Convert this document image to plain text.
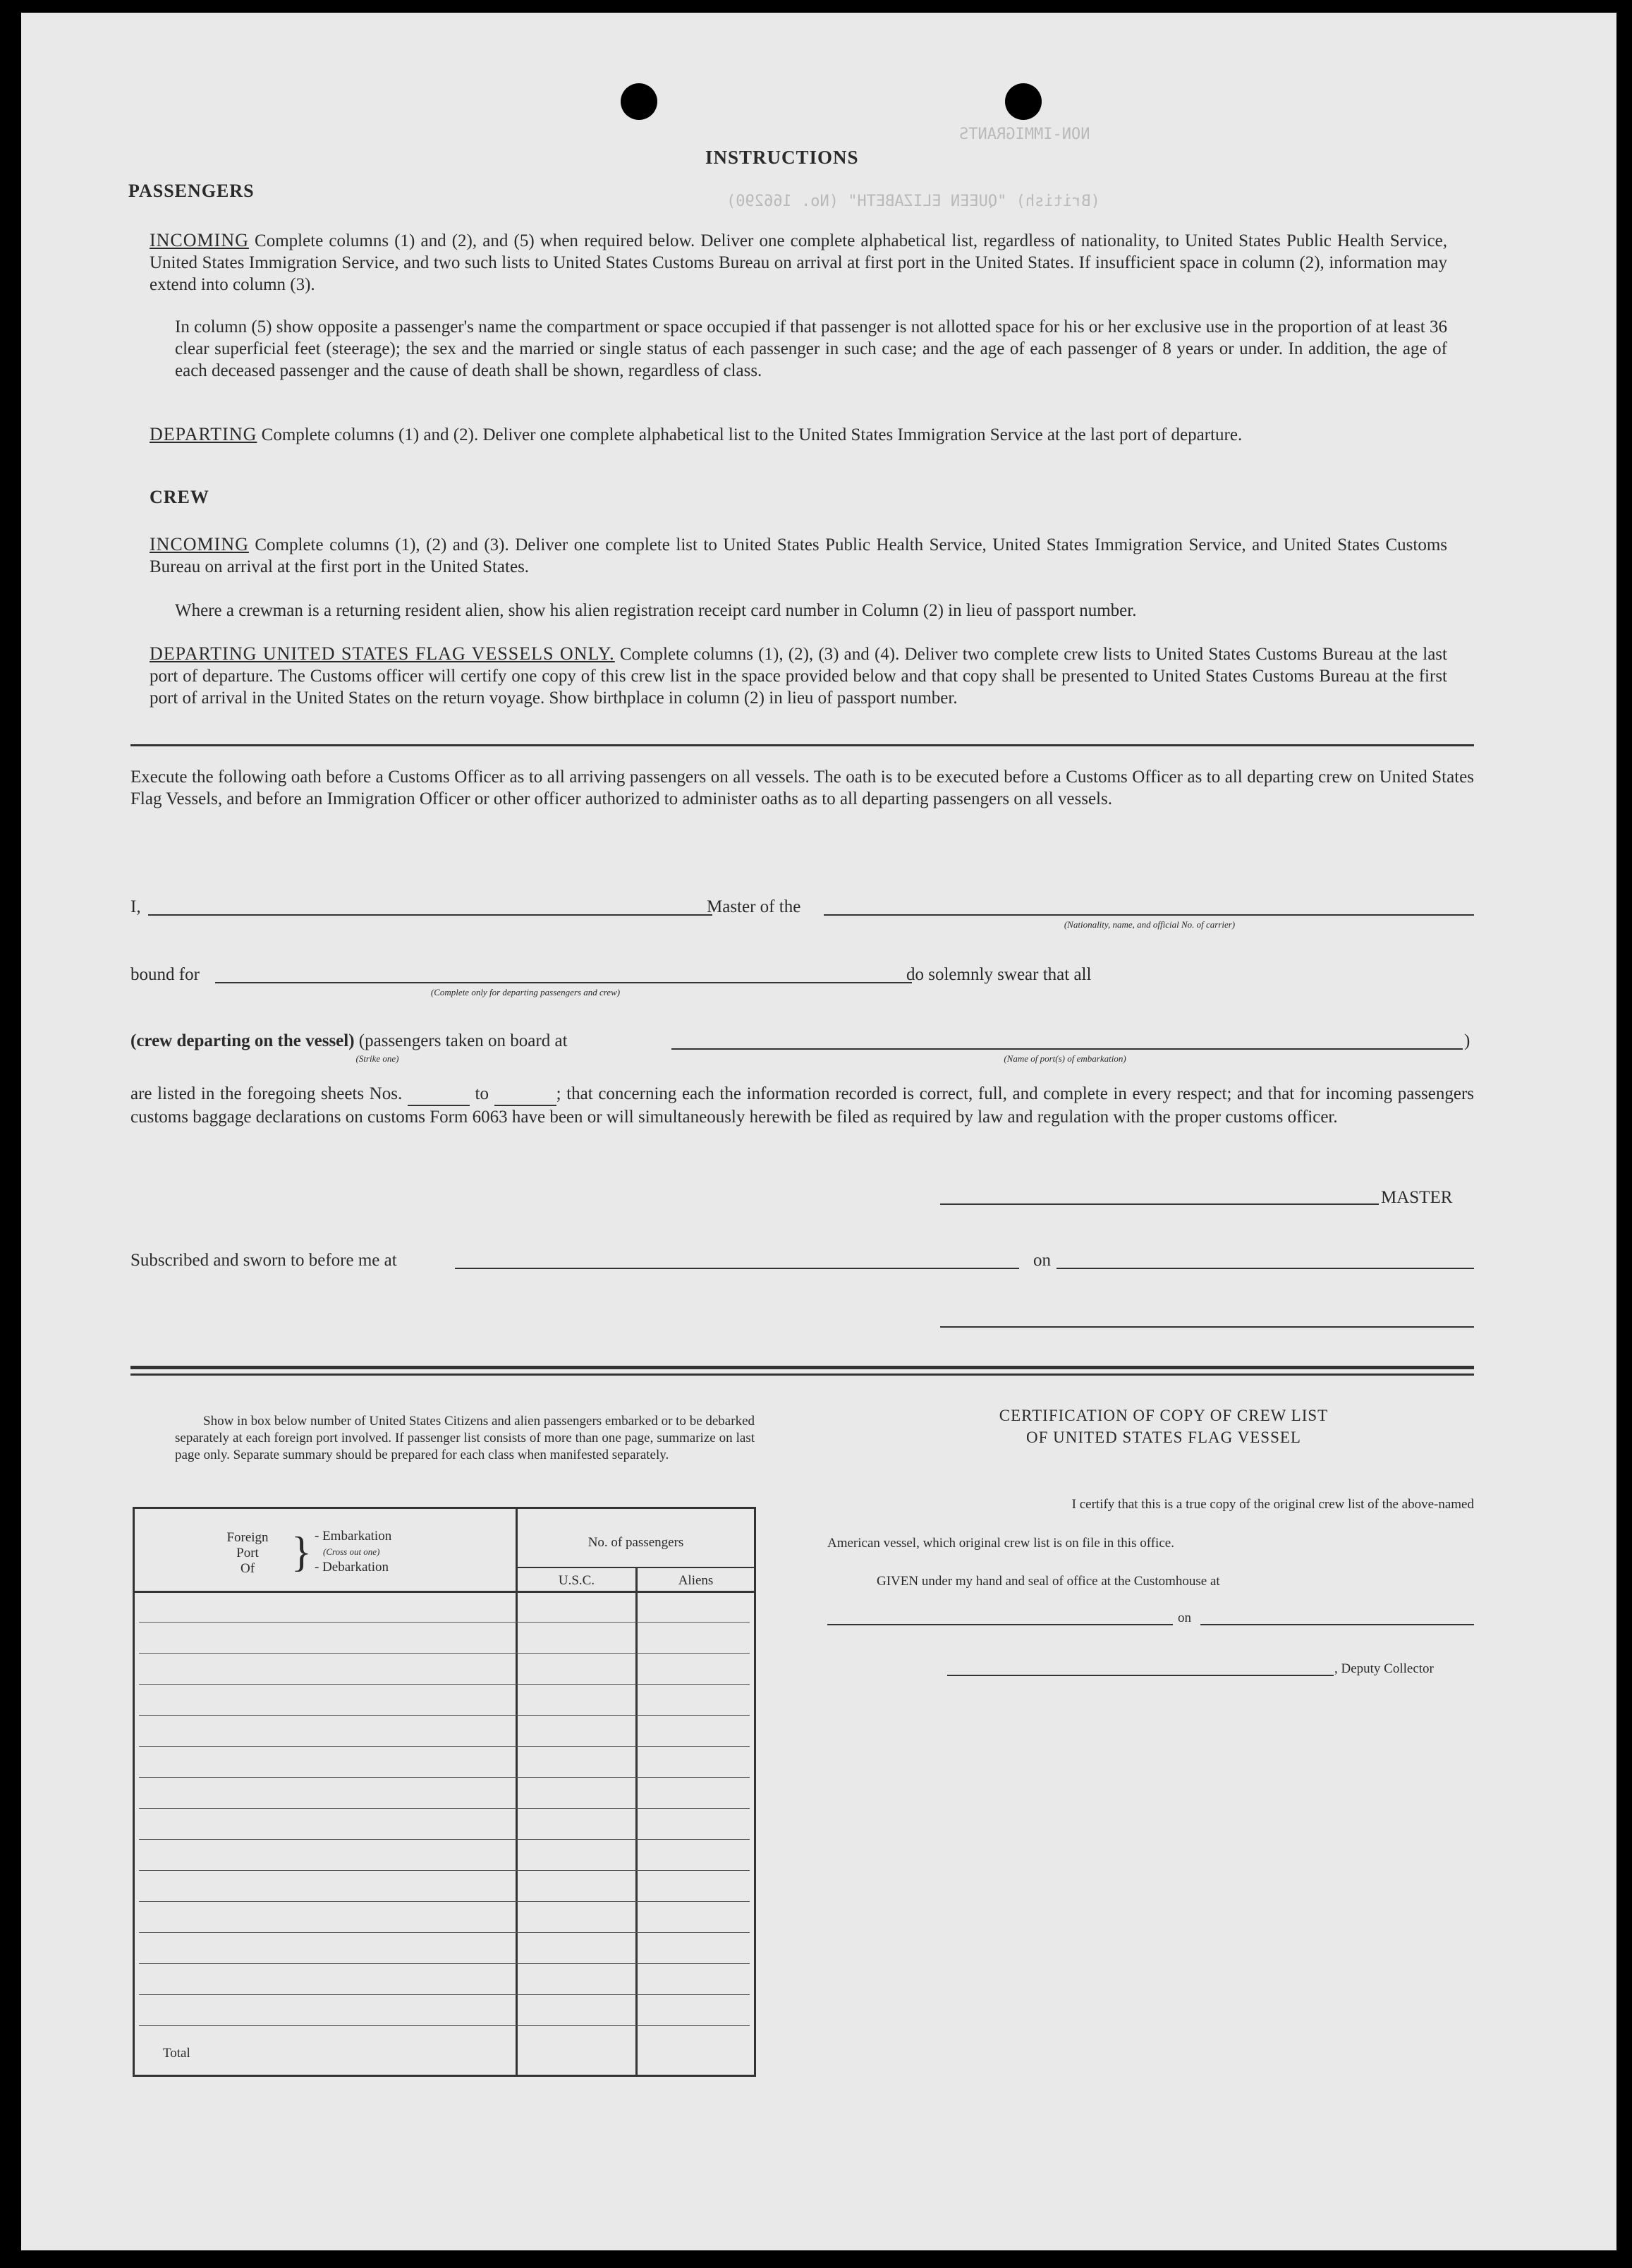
NON-IMMIGRANTS
(British) "QUEEN ELIZABETH" (No. 166290)
INSTRUCTIONS
PASSENGERS
INCOMING Complete columns (1) and (2), and (5) when required below. Deliver one complete alphabetical list, regardless of nationality, to United States Public Health Service, United States Immigration Service, and two such lists to United States Customs Bureau on arrival at first port in the United States. If insufficient space in column (2), information may extend into column (3).
In column (5) show opposite a passenger's name the compartment or space occupied if that passenger is not allotted space for his or her exclusive use in the proportion of at least 36 clear superficial feet (steerage); the sex and the married or single status of each passenger in such case; and the age of each passenger of 8 years or under. In addition, the age of each deceased passenger and the cause of death shall be shown, regardless of class.
DEPARTING Complete columns (1) and (2). Deliver one complete alphabetical list to the United States Immigration Service at the last port of departure.
CREW
INCOMING Complete columns (1), (2) and (3). Deliver one complete list to United States Public Health Service, United States Immigration Service, and United States Customs Bureau on arrival at the first port in the United States.
Where a crewman is a returning resident alien, show his alien registration receipt card number in Column (2) in lieu of passport number.
DEPARTING UNITED STATES FLAG VESSELS ONLY. Complete columns (1), (2), (3) and (4). Deliver two complete crew lists to United States Customs Bureau at the last port of departure. The Customs officer will certify one copy of this crew list in the space provided below and that copy shall be presented to United States Customs Bureau at the first port of arrival in the United States on the return voyage. Show birthplace in column (2) in lieu of passport number.
Execute the following oath before a Customs Officer as to all arriving passengers on all vessels. The oath is to be executed before a Customs Officer as to all departing crew on United States Flag Vessels, and before an Immigration Officer or other officer authorized to administer oaths as to all departing passengers on all vessels.
I,	Master of the
(Nationality, name, and official No. of carrier)
bound for	do solemnly swear that all
(Complete only for departing passengers and crew)
(crew departing on the vessel) (passengers taken on board at	)
(Strike one)	(Name of port(s) of embarkation)
are listed in the foregoing sheets Nos.	to	; that concerning each the information recorded is correct, full, and complete in every respect; and that for incoming passengers customs baggage declarations on customs Form 6063 have been or will simultaneously herewith be filed as required by law and regulation with the proper customs officer.
MASTER
Subscribed and sworn to before me at	on
Show in box below number of United States Citizens and alien passengers embarked or to be debarked separately at each foreign port involved. If passenger list consists of more than one page, summarize on last page only. Separate summary should be prepared for each class when manifested separately.
Foreign
Port
Of } - Embarkation
(Cross out one)
- Debarkation
No. of passengers
U.S.C.	Aliens
Total
CERTIFICATION OF COPY OF CREW LIST
OF UNITED STATES FLAG VESSEL
I certify that this is a true copy of the original crew list of the above-named
American vessel, which original crew list is on file in this office.
GIVEN under my hand and seal of office at the Customhouse at
on
, Deputy Collector
